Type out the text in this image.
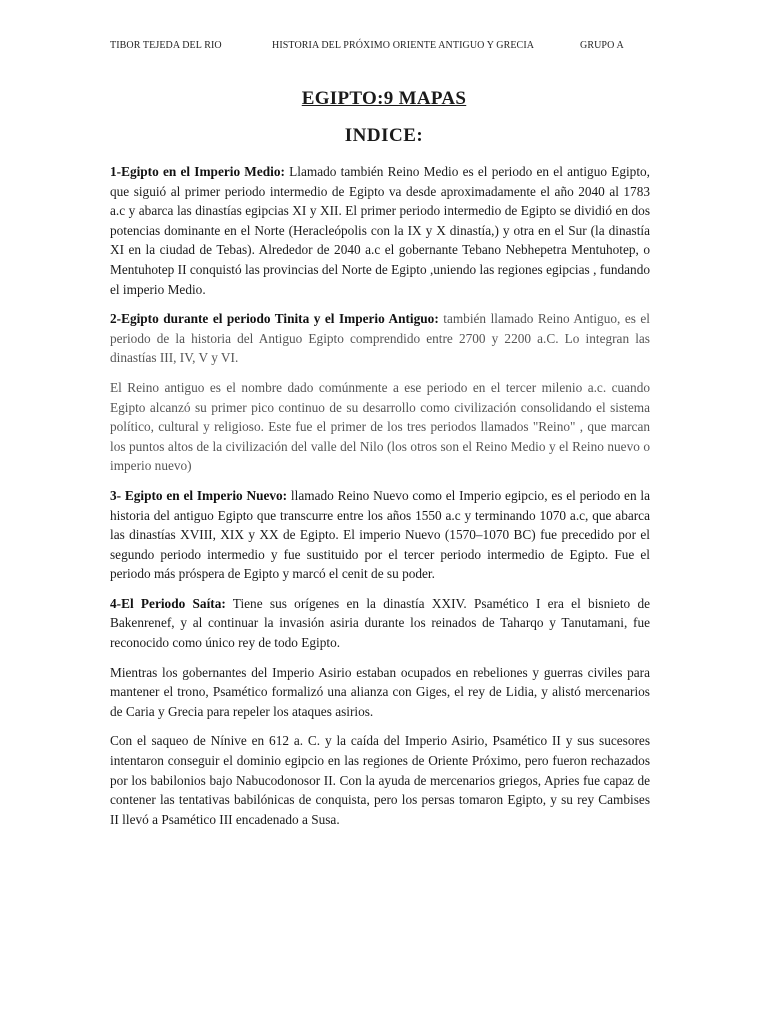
TIBOR TEJEDA DEL RIO	HISTORIA DEL PRÓXIMO ORIENTE ANTIGUO Y GRECIA	GRUPO A
EGIPTO:9 MAPAS
INDICE:

1-Egipto en el Imperio Medio: Llamado también Reino Medio es el periodo en el antiguo Egipto, que siguió al primer periodo intermedio de Egipto va desde aproximadamente el año 2040 al 1783 a.c y abarca las dinastías egipcias XI y XII. El primer periodo intermedio de Egipto se dividió en dos potencias dominante en el Norte (Heracleópolis con la IX y X dinastía,) y otra en el Sur (la dinastía XI en la ciudad de Tebas). Alrededor de 2040 a.c el gobernante Tebano Nebhepetra Mentuhotep, o Mentuhotep II conquistó las provincias del Norte de Egipto ,uniendo las regiones egipcias , fundando el imperio Medio.

2-Egipto durante el periodo Tinita y el Imperio Antiguo: también llamado Reino Antiguo, es el periodo de la historia del Antiguo Egipto comprendido entre 2700 y 2200 a.C. Lo integran las dinastías III, IV, V y VI.

El Reino antiguo es el nombre dado comúnmente a ese periodo en el tercer milenio a.c. cuando Egipto alcanzó su primer pico continuo de su desarrollo como civilización consolidando el sistema político, cultural y religioso. Este fue el primer de los tres periodos llamados "Reino" , que marcan los puntos altos de la civilización del valle del Nilo (los otros son el Reino Medio y el Reino nuevo o imperio nuevo)

3- Egipto en el Imperio Nuevo: llamado Reino Nuevo como el Imperio egipcio, es el periodo en la historia del antiguo Egipto que transcurre entre los años 1550 a.c y terminando 1070 a.c, que abarca las dinastías XVIII, XIX y XX de Egipto. El imperio Nuevo (1570–1070 BC) fue precedido por el segundo periodo intermedio y fue sustituido por el tercer periodo intermedio de Egipto. Fue el periodo más próspera de Egipto y marcó el cenit de su poder.

4-El Periodo Saíta: Tiene sus orígenes en la dinastía XXIV. Psamético I era el bisnieto de Bakenrenef, y al continuar la invasión asiria durante los reinados de Taharqo y Tanutamani, fue reconocido como único rey de todo Egipto.

Mientras los gobernantes del Imperio Asirio estaban ocupados en rebeliones y guerras civiles para mantener el trono, Psamético formalizó una alianza con Giges, el rey de Lidia, y alistó mercenarios de Caria y Grecia para repeler los ataques asirios.

Con el saqueo de Nínive en 612 a. C. y la caída del Imperio Asirio, Psamético II y sus sucesores intentaron conseguir el dominio egipcio en las regiones de Oriente Próximo, pero fueron rechazados por los babilonios bajo Nabucodonosor II. Con la ayuda de mercenarios griegos, Apries fue capaz de contener las tentativas babilónicas de conquista, pero los persas tomaron Egipto, y su rey Cambises II llevó a Psamético III encadenado a Susa.
